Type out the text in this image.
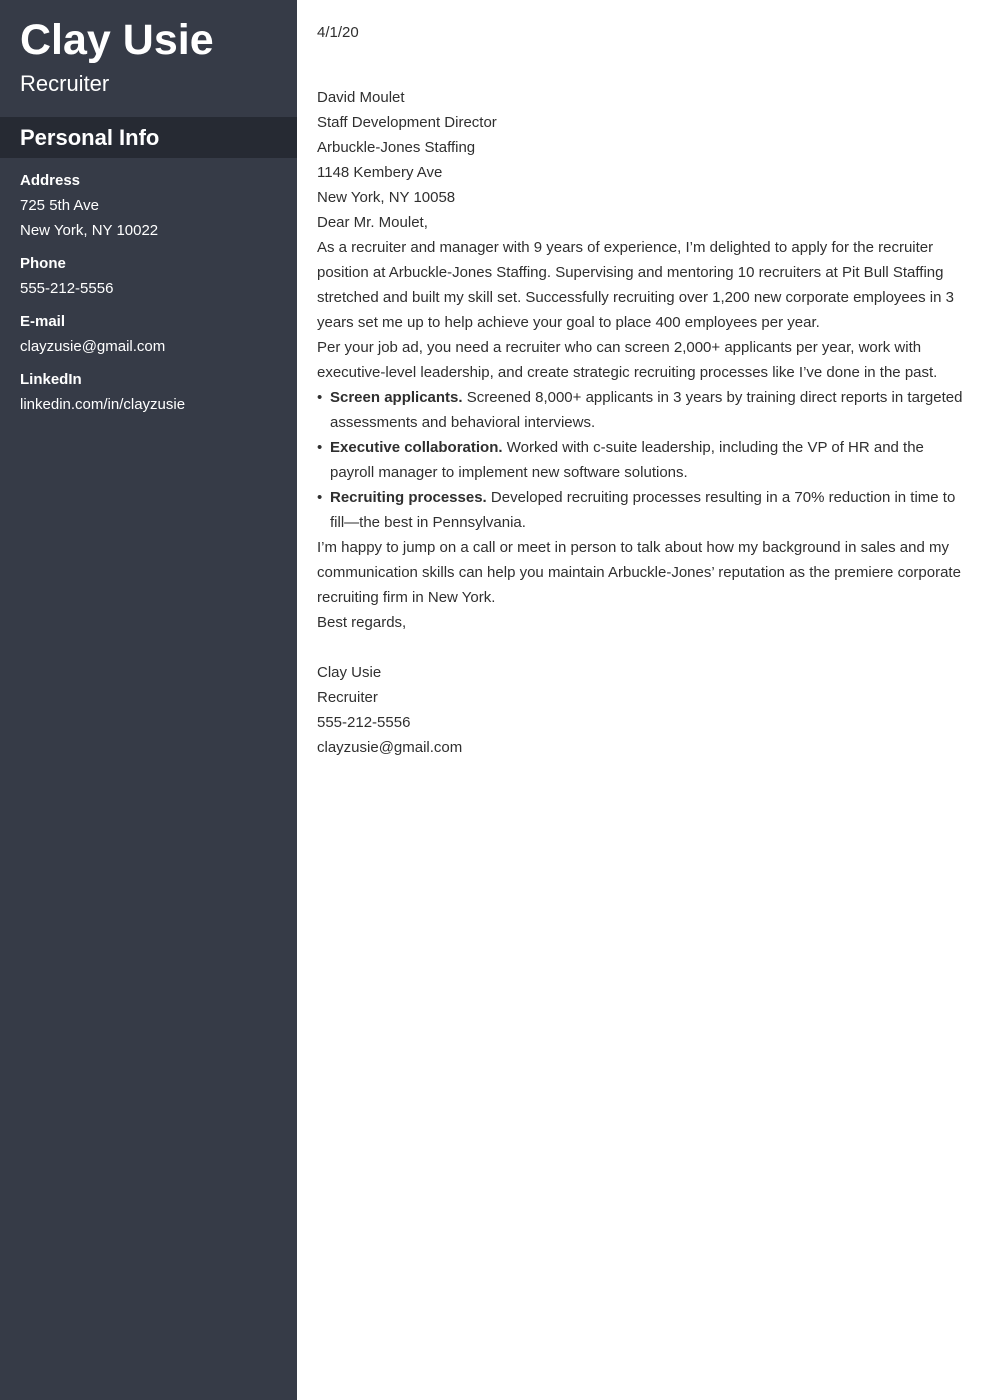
Clay Usie
Recruiter
Personal Info
Address
725 5th Ave
New York, NY 10022
Phone
555-212-5556
E-mail
clayzusie@gmail.com
LinkedIn
linkedin.com/in/clayzusie

4/1/20

David Moulet

Staff Development Director

Arbuckle-Jones Staffing

1148 Kembery Ave

New York, NY 10058

Dear Mr. Moulet,

As a recruiter and manager with 9 years of experience, I’m delighted to apply for the recruiter position at Arbuckle-Jones Staffing. Supervising and mentoring 10 recruiters at Pit Bull Staffing stretched and built my skill set. Successfully recruiting over 1,200 new corporate employees in 3 years set me up to help achieve your goal to place 400 employees per year.

Per your job ad, you need a recruiter who can screen 2,000+ applicants per year, work with executive-level leadership, and create strategic recruiting processes like I’ve done in the past.

• Screen applicants. Screened 8,000+ applicants in 3 years by training direct reports in targeted assessments and behavioral interviews.
• Executive collaboration. Worked with c-suite leadership, including the VP of HR and the payroll manager to implement new software solutions.
• Recruiting processes. Developed recruiting processes resulting in a 70% reduction in time to fill—the best in Pennsylvania.

I’m happy to jump on a call or meet in person to talk about how my background in sales and my communication skills can help you maintain Arbuckle-Jones’ reputation as the premiere corporate recruiting firm in New York.

Best regards,

Clay Usie

Recruiter

555-212-5556

clayzusie@gmail.com
